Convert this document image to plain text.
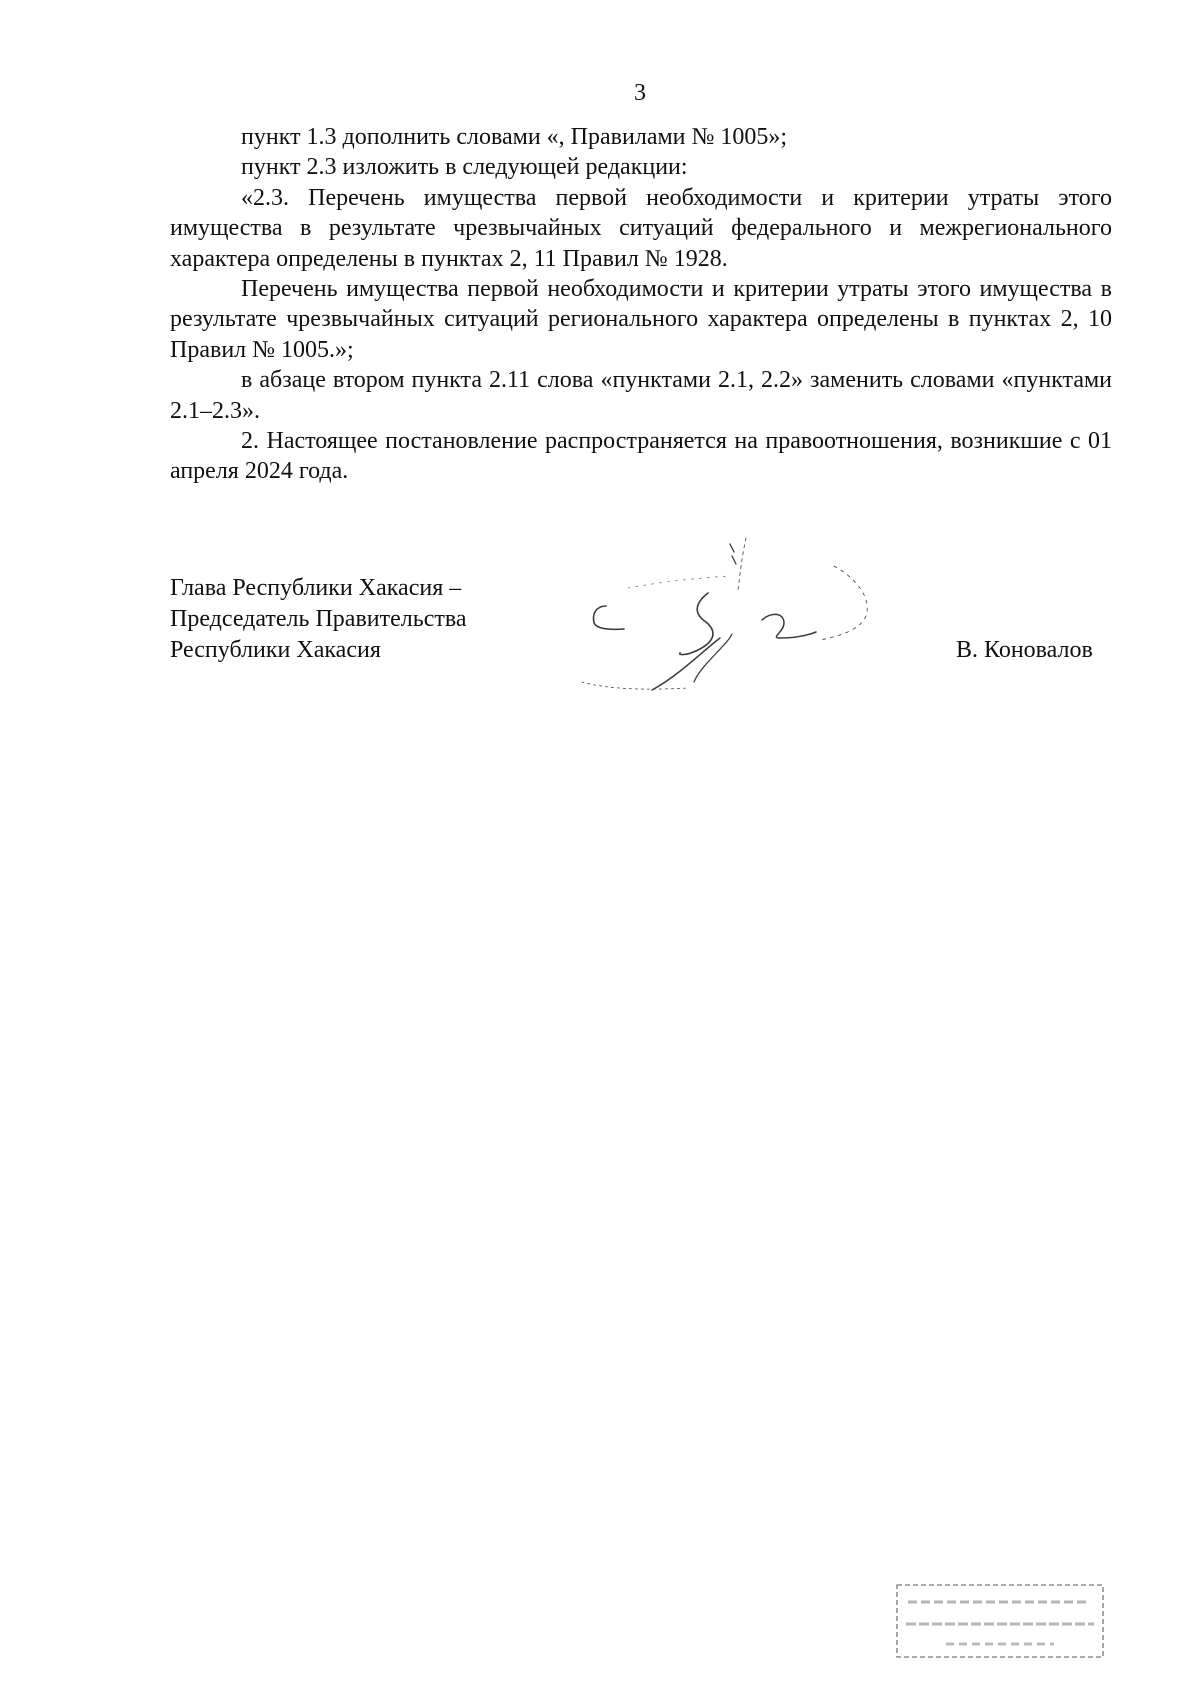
3

пункт 1.3 дополнить словами «, Правилами № 1005»;

пункт 2.3 изложить в следующей редакции:

«2.3. Перечень имущества первой необходимости и критерии утраты этого имущества в результате чрезвычайных ситуаций федерального и межрегионального характера определены в пунктах 2, 11 Правил № 1928.

Перечень имущества первой необходимости и критерии утраты этого имущества в результате чрезвычайных ситуаций регионального характера определены в пунктах 2, 10 Правил № 1005.»;

в абзаце втором пункта 2.11 слова «пунктами 2.1, 2.2» заменить словами «пунктами 2.1–2.3».

2. Настоящее постановление распространяется на правоотношения, возникшие с 01 апреля 2024 года.

Глава Республики Хакасия –
Председатель Правительства
Республики Хакасия	В. Коновалов
